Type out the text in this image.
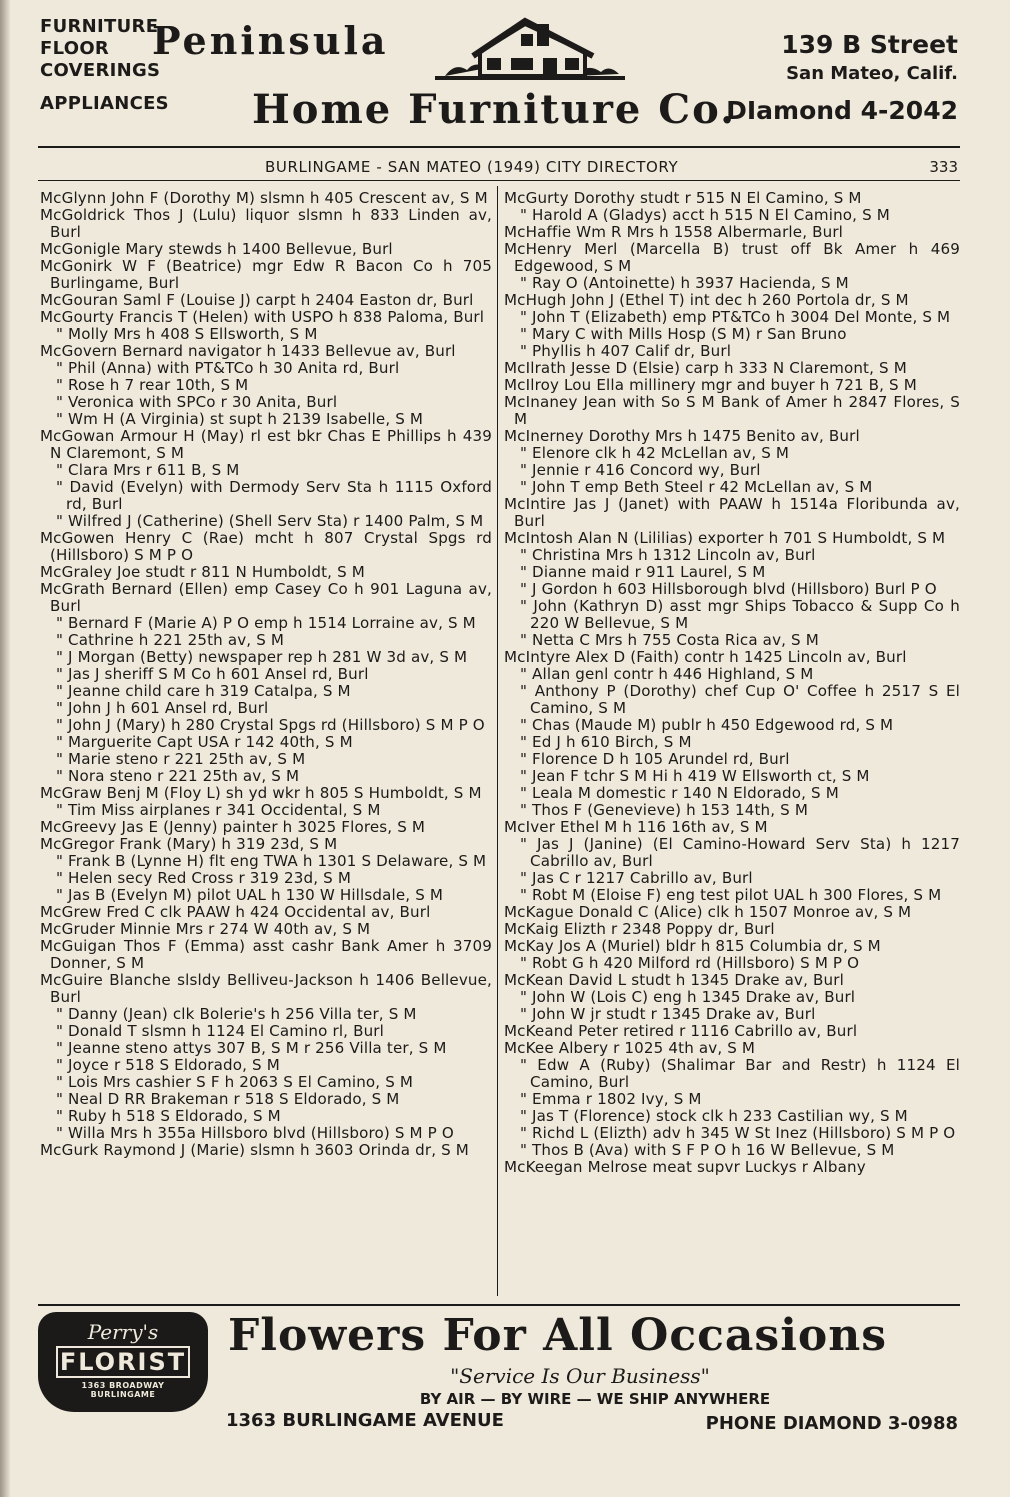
FURNITURE
FLOOR
COVERINGS
APPLIANCES
Peninsula
Home Furniture Co.
139 B Street
San Mateo, Calif.
DIamond 4-2042
BURLINGAME - SAN MATEO (1949) CITY DIRECTORY	333
McGlynn John F (Dorothy M) slsmn h 405 Crescent av, S M
McGoldrick Thos J (Lulu) liquor slsmn h 833 Linden av, Burl
McGonigle Mary stewds h 1400 Bellevue, Burl
McGonirk W F (Beatrice) mgr Edw R Bacon Co h 705 Burlingame, Burl
McGouran Saml F (Louise J) carpt h 2404 Easton dr, Burl
McGourty Francis T (Helen) with USPO h 838 Paloma, Burl
" Molly Mrs h 408 S Ellsworth, S M
McGovern Bernard navigator h 1433 Bellevue av, Burl
" Phil (Anna) with PT&TCo h 30 Anita rd, Burl
" Rose h 7 rear 10th, S M
" Veronica with SPCo r 30 Anita, Burl
" Wm H (A Virginia) st supt h 2139 Isabelle, S M
McGowan Armour H (May) rl est bkr Chas E Phillips h 439 N Claremont, S M
" Clara Mrs r 611 B, S M
" David (Evelyn) with Dermody Serv Sta h 1115 Oxford rd, Burl
" Wilfred J (Catherine) (Shell Serv Sta) r 1400 Palm, S M
McGowen Henry C (Rae) mcht h 807 Crystal Spgs rd (Hillsboro) S M P O
McGraley Joe studt r 811 N Humboldt, S M
McGrath Bernard (Ellen) emp Casey Co h 901 Laguna av, Burl
" Bernard F (Marie A) P O emp h 1514 Lorraine av, S M
" Cathrine h 221 25th av, S M
" J Morgan (Betty) newspaper rep h 281 W 3d av, S M
" Jas J sheriff S M Co h 601 Ansel rd, Burl
" Jeanne child care h 319 Catalpa, S M
" John J h 601 Ansel rd, Burl
" John J (Mary) h 280 Crystal Spgs rd (Hillsboro) S M P O
" Marguerite Capt USA r 142 40th, S M
" Marie steno r 221 25th av, S M
" Nora steno r 221 25th av, S M
McGraw Benj M (Floy L) sh yd wkr h 805 S Humboldt, S M
" Tim Miss airplanes r 341 Occidental, S M
McGreevy Jas E (Jenny) painter h 3025 Flores, S M
McGregor Frank (Mary) h 319 23d, S M
" Frank B (Lynne H) flt eng TWA h 1301 S Delaware, S M
" Helen secy Red Cross r 319 23d, S M
" Jas B (Evelyn M) pilot UAL h 130 W Hillsdale, S M
McGrew Fred C clk PAAW h 424 Occidental av, Burl
McGruder Minnie Mrs r 274 W 40th av, S M
McGuigan Thos F (Emma) asst cashr Bank Amer h 3709 Donner, S M
McGuire Blanche slsldy Belliveu-Jackson h 1406 Bellevue, Burl
" Danny (Jean) clk Bolerie's h 256 Villa ter, S M
" Donald T slsmn h 1124 El Camino rl, Burl
" Jeanne steno attys 307 B, S M r 256 Villa ter, S M
" Joyce r 518 S Eldorado, S M
" Lois Mrs cashier S F h 2063 S El Camino, S M
" Neal D RR Brakeman r 518 S Eldorado, S M
" Ruby h 518 S Eldorado, S M
" Willa Mrs h 355a Hillsboro blvd (Hillsboro) S M P O
McGurk Raymond J (Marie) slsmn h 3603 Orinda dr, S M
McGurty Dorothy studt r 515 N El Camino, S M
" Harold A (Gladys) acct h 515 N El Camino, S M
McHaffie Wm R Mrs h 1558 Albermarle, Burl
McHenry Merl (Marcella B) trust off Bk Amer h 469 Edgewood, S M
" Ray O (Antoinette) h 3937 Hacienda, S M
McHugh John J (Ethel T) int dec h 260 Portola dr, S M
" John T (Elizabeth) emp PT&TCo h 3004 Del Monte, S M
" Mary C with Mills Hosp (S M) r San Bruno
" Phyllis h 407 Calif dr, Burl
McIlrath Jesse D (Elsie) carp h 333 N Claremont, S M
McIlroy Lou Ella millinery mgr and buyer h 721 B, S M
McInaney Jean with So S M Bank of Amer h 2847 Flores, S M
McInerney Dorothy Mrs h 1475 Benito av, Burl
" Elenore clk h 42 McLellan av, S M
" Jennie r 416 Concord wy, Burl
" John T emp Beth Steel r 42 McLellan av, S M
McIntire Jas J (Janet) with PAAW h 1514a Floribunda av, Burl
McIntosh Alan N (Lililias) exporter h 701 S Humboldt, S M
" Christina Mrs h 1312 Lincoln av, Burl
" Dianne maid r 911 Laurel, S M
" J Gordon h 603 Hillsborough blvd (Hillsboro) Burl P O
" John (Kathryn D) asst mgr Ships Tobacco & Supp Co h 220 W Bellevue, S M
" Netta C Mrs h 755 Costa Rica av, S M
McIntyre Alex D (Faith) contr h 1425 Lincoln av, Burl
" Allan genl contr h 446 Highland, S M
" Anthony P (Dorothy) chef Cup O' Coffee h 2517 S El Camino, S M
" Chas (Maude M) publr h 450 Edgewood rd, S M
" Ed J h 610 Birch, S M
" Florence D h 105 Arundel rd, Burl
" Jean F tchr S M Hi h 419 W Ellsworth ct, S M
" Leala M domestic r 140 N Eldorado, S M
" Thos F (Genevieve) h 153 14th, S M
McIver Ethel M h 116 16th av, S M
" Jas J (Janine) (El Camino-Howard Serv Sta) h 1217 Cabrillo av, Burl
" Jas C r 1217 Cabrillo av, Burl
" Robt M (Eloise F) eng test pilot UAL h 300 Flores, S M
McKague Donald C (Alice) clk h 1507 Monroe av, S M
McKaig Elizth r 2348 Poppy dr, Burl
McKay Jos A (Muriel) bldr h 815 Columbia dr, S M
" Robt G h 420 Milford rd (Hillsboro) S M P O
McKean David L studt h 1345 Drake av, Burl
" John W (Lois C) eng h 1345 Drake av, Burl
" John W jr studt r 1345 Drake av, Burl
McKeand Peter retired r 1116 Cabrillo av, Burl
McKee Albery r 1025 4th av, S M
" Edw A (Ruby) (Shalimar Bar and Restr) h 1124 El Camino, Burl
" Emma r 1802 Ivy, S M
" Jas T (Florence) stock clk h 233 Castilian wy, S M
" Richd L (Elizth) adv h 345 W St Inez (Hillsboro) S M P O
" Thos B (Ava) with S F P O h 16 W Bellevue, S M
McKeegan Melrose meat supvr Luckys r Albany
Perry's
FLORIST
1363 BROADWAY
BURLINGAME
Flowers For All Occasions
"Service Is Our Business"
BY AIR — BY WIRE — WE SHIP ANYWHERE
1363 BURLINGAME AVENUE	PHONE DIAMOND 3-0988
